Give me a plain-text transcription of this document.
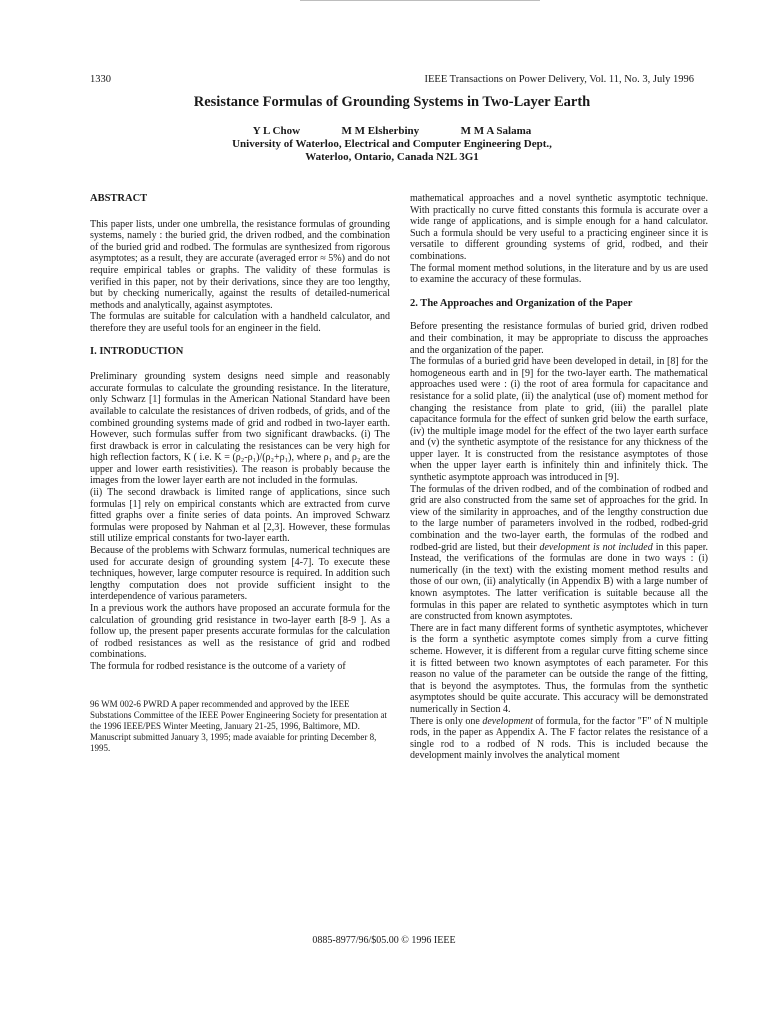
1330	IEEE Transactions on Power Delivery, Vol. 11, No. 3, July 1996
Resistance Formulas of Grounding Systems in Two-Layer Earth
Y L Chow	M M Elsherbiny	M M A Salama
University of Waterloo, Electrical and Computer Engineering Dept.,
Waterloo, Ontario, Canada N2L 3G1

ABSTRACT

This paper lists, under one umbrella, the resistance formulas of grounding systems, namely : the buried grid, the driven rodbed, and the combination of the buried grid and rodbed. The formulas are synthesized from rigorous asymptotes; as a result, they are accurate (averaged error ≈ 5%) and do not require empirical tables or graphs. The validity of these formulas is verified in this paper, not by their derivations, since they are too lengthy, but by checking numerically, against the results of detailed-numerical methods and analytically, against asymptotes.

The formulas are suitable for calculation with a handheld calculator, and therefore they are useful tools for an engineer in the field.

I. INTRODUCTION

Preliminary grounding system designs need simple and reasonably accurate formulas to calculate the grounding resistance. In the literature, only Schwarz [1] formulas in the American National Standard have been available to calculate the resistances of driven rodbeds, of grids, and of the combined grounding systems made of grid and rodbed in two-layer earth. However, such formulas suffer from two significant drawbacks. (i) The first drawback is error in calculating the resistances can be very high for high reflection factors, K ( i.e. K = (ρ₂-ρ₁)/(ρ₂+ρ₁), where ρ₁ and ρ₂ are the upper and lower earth resistivities). The reason is probably because the images from the lower layer earth are not included in the formulas.

(ii) The second drawback is limited range of applications, since such formulas [1] rely on empirical constants which are extracted from curve fitted graphs over a finite series of data points. An improved Schwarz formulas were proposed by Nahman et al [2,3]. However, these formulas still utilize emprical constants for two-layer earth.

Because of the problems with Schwarz formulas, numerical techniques are used for accurate design of grounding system [4-7]. To execute these techniques, however, large computer resource is required. In addition such lengthy computation does not provide sufficient insight to the interdependence of various parameters.

In a previous work the authors have proposed an accurate formula for the calculation of grounding grid resistance in two-layer earth [8-9 ]. As a follow up, the present paper presents accurate formulas for the calculation of rodbed resistances as well as the resistance of grid and rodbed combinations.

The formula for rodbed resistance is the outcome of a variety of

96 WM 002-6 PWRD A paper recommended and approved by the IEEE Substations Committee of the IEEE Power Engineering Society for presentation at the 1996 IEEE/PES Winter Meeting, January 21-25, 1996, Baltimore, MD. Manuscript submitted January 3, 1995; made avaiable for printing December 8, 1995.

mathematical approaches and a novel synthetic asymptotic technique. With practically no curve fitted constants this formula is accurate over a wide range of applications, and is simple enough for a hand calculator. Such a formula should be very useful to a practicing engineer since it is versatile to different grounding systems of grid, rodbed, and their combinations.

The formal moment method solutions, in the literature and by us are used to examine the accuracy of these formulas.

2. The Approaches and Organization of the Paper

Before presenting the resistance formulas of buried grid, driven rodbed and their combination, it may be appropriate to discuss the approaches and the organization of the paper.

The formulas of a buried grid have been developed in detail, in [8] for the homogeneous earth and in [9] for the two-layer earth. The mathematical approaches used were : (i) the root of area formula for capacitance and resistance for a solid plate, (ii) the analytical (use of) moment method for changing the resistance from plate to grid, (iii) the parallel plate capacitance formula for the effect of sunken grid below the earth surface, (iv) the multiple image model for the effect of the two layer earth surface and (v) the synthetic asymptote of the resistance for any thickness of the upper layer. It is constructed from the resistance asymptotes of those when the upper layer earth is infinitely thin and infinitely thick. The synthetic asymptote approach was introduced in [9].

The formulas of the driven rodbed, and of the combination of rodbed and grid are also constructed from the same set of approaches for the grid. In view of the similarity in approaches, and of the lengthy construction due to the large number of parameters involved in the rodbed, rodbed-grid combination and the two-layer earth, the formulas of the rodbed and rodbed-grid are listed, but their development is not included in this paper. Instead, the verifications of the formulas are done in two ways : (i) numerically (in the text) with the existing moment method results and those of our own, (ii) analytically (in Appendix B) with a large number of known asymptotes. The latter verification is suitable because all the formulas in this paper are related to synthetic asymptotes which in turn are constructed from known asymptotes.

There are in fact many different forms of synthetic asymptotes, whichever is the form a synthetic asymptote comes simply from a curve fitting scheme. However, it is different from a regular curve fitting scheme since it is fitted between two known asymptotes of each parameter. For this reason no value of the parameter can be outside the range of the fitting, that is beyond the asymptotes. Thus, the formulas from the synthetic asymptotes should be quite accurate. This accuracy will be demonstrated numerically in Section 4.

There is only one development of formula, for the factor "F" of N multiple rods, in the paper as Appendix A. The F factor relates the resistance of a single rod to a rodbed of N rods. This is included because the development mainly involves the analytical moment

0885-8977/96/$05.00 © 1996 IEEE
